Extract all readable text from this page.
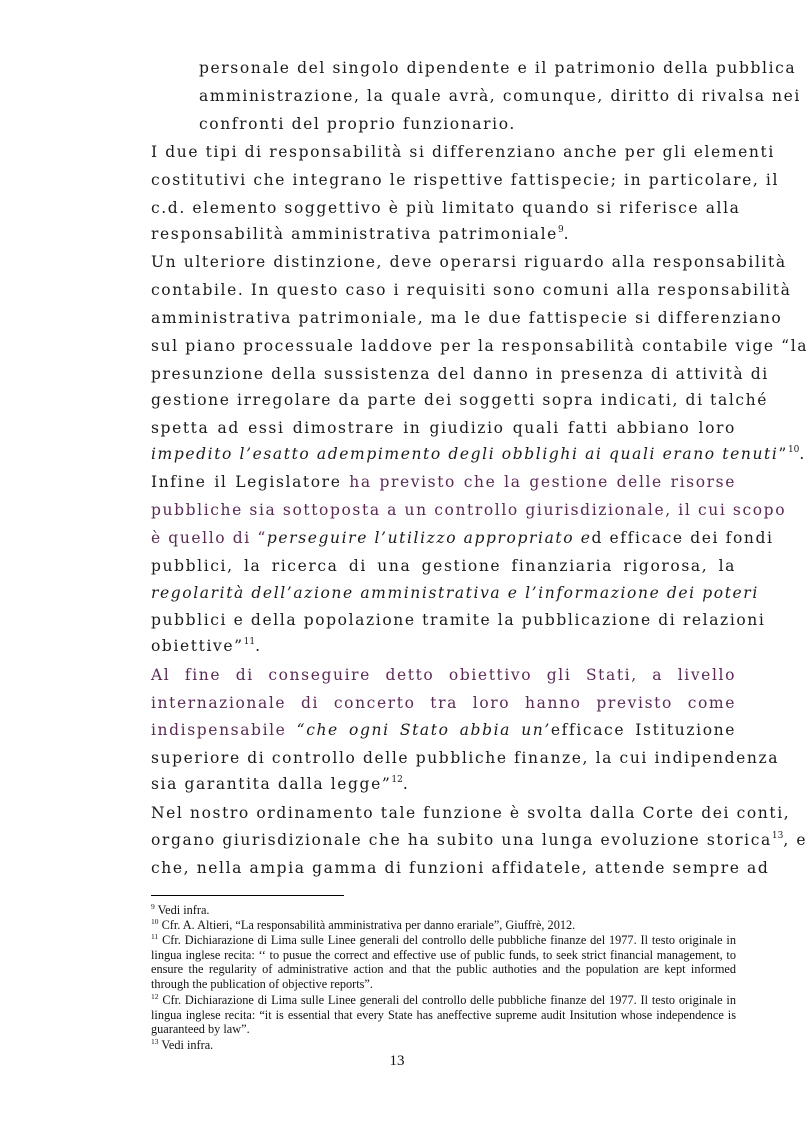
personale del singolo dipendente e il patrimonio della pubblica
amministrazione, la quale avrà, comunque, diritto di rivalsa nei
confronti del proprio funzionario.
I due tipi di responsabilità si differenziano anche per gli elementi
costitutivi che integrano le rispettive fattispecie; in particolare, il
c.d. elemento soggettivo è più limitato quando si riferisce alla
responsabilità amministrativa patrimoniale$^9$.
Un ulteriore distinzione, deve operarsi riguardo alla responsabilità
contabile. In questo caso i requisiti sono comuni alla responsabilità
amministrativa patrimoniale, ma le due fattispecie si differenziano
sul piano processuale laddove per la responsabilità contabile vige “la
presunzione della sussistenza del danno in presenza di attività di
gestione irregolare da parte dei soggetti sopra indicati, di talché
spetta ad essi dimostrare in giudizio quali fatti abbiano loro
impedito l’esatto adempimento degli obblighi ai quali erano tenuti”$^{10}$.
Infine il Legislatore ha previsto che la gestione delle risorse
pubbliche sia sottoposta a un controllo giurisdizionale, il cui scopo
è quello di “perseguire l’utilizzo appropriato ed efficace dei fondi
pubblici, la ricerca di una gestione finanziaria rigorosa, la
regolarità dell’azione amministrativa e l’informazione dei poteri
pubblici e della popolazione tramite la pubblicazione di relazioni
obiettive”$^{11}$.
Al fine di conseguire detto obiettivo gli Stati, a livello
internazionale di concerto tra loro hanno previsto come
indispensabile “che ogni Stato abbia un’efficace Istituzione
superiore di controllo delle pubbliche finanze, la cui indipendenza
sia garantita dalla legge”$^{12}$.
Nel nostro ordinamento tale funzione è svolta dalla Corte dei conti,
organo giurisdizionale che ha subito una lunga evoluzione storica$^{13}$, e
che, nella ampia gamma di funzioni affidatele, attende sempre ad
$^9$ Vedi infra.
$^{10}$ Cfr. A. Altieri, “La responsabilità amministrativa per danno erariale”, Giuffrè, 2012.
$^{11}$ Cfr. Dichiarazione di Lima sulle Linee generali del controllo delle pubbliche finanze del 1977. Il testo originale in lingua inglese recita: ‘‘ to pusue the correct and effective use of public funds, to seek strict financial management, to ensure the regularity of administrative action and that the public authoties and the population are kept informed through the publication of objective reports”.
$^{12}$ Cfr. Dichiarazione di Lima sulle Linee generali del controllo delle pubbliche finanze del 1977. Il testo originale in lingua inglese recita: “it is essential that every State has aneffective supreme audit Insitution whose independence is guaranteed by law”.
$^{13}$ Vedi infra.
13
